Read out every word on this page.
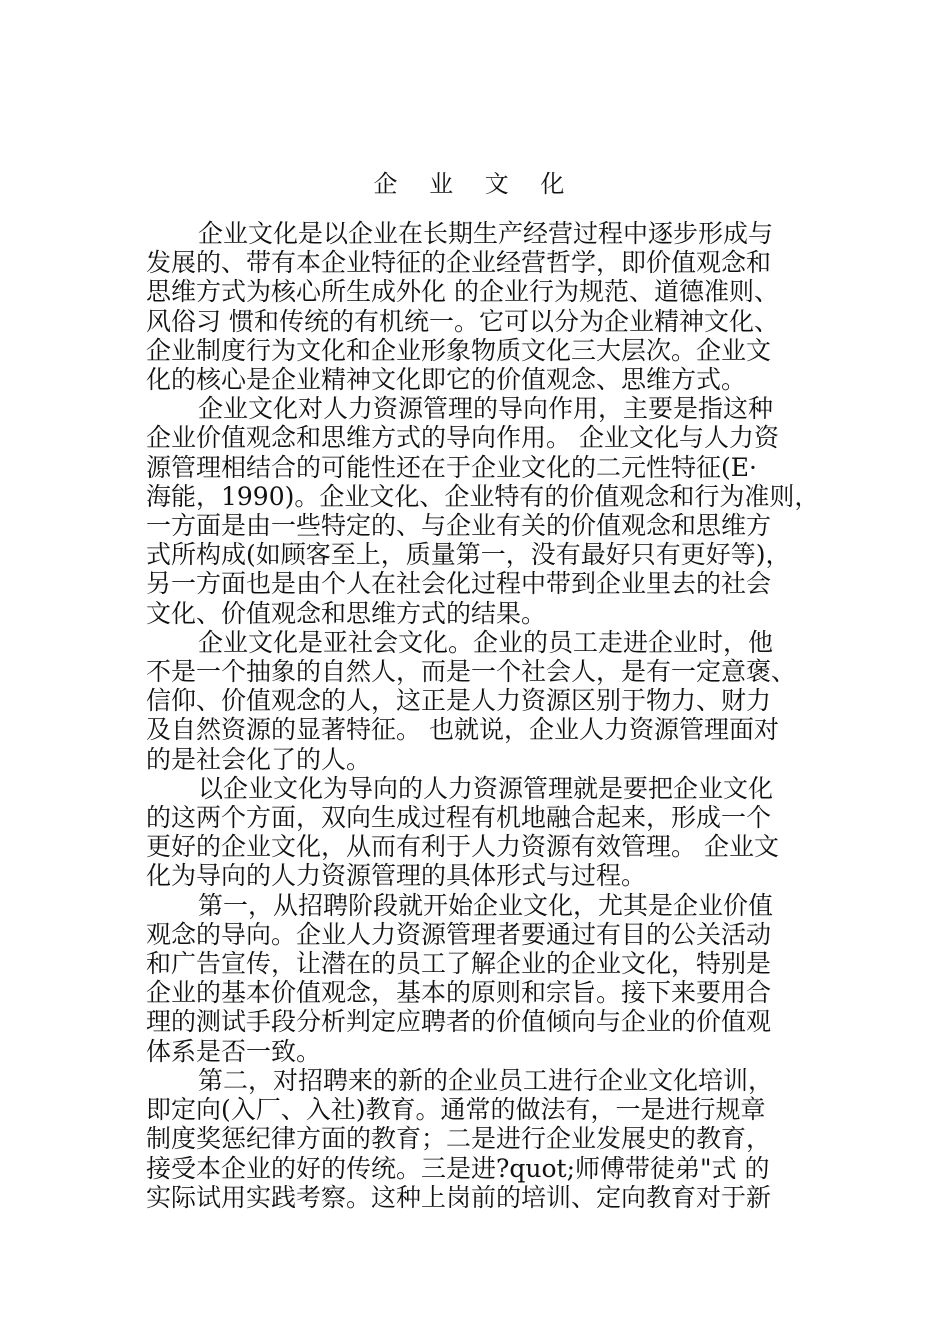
企 业 文 化

企业文化是以企业在长期生产经营过程中逐步形成与
发展的、带有本企业特征的企业经营哲学，即价值观念和
思维方式为核心所生成外化 的企业行为规范、道德准则、
风俗习 惯和传统的有机统一。它可以分为企业精神文化、
企业制度行为文化和企业形象物质文化三大层次。企业文
化的核心是企业精神文化即它的价值观念、思维方式。

企业文化对人力资源管理的导向作用，主要是指这种
企业价值观念和思维方式的导向作用。 企业文化与人力资
源管理相结合的可能性还在于企业文化的二元性特征(E·
海能，1990)。企业文化、企业特有的价值观念和行为准则，
一方面是由一些特定的、与企业有关的价值观念和思维方
式所构成(如顾客至上，质量第一，没有最好只有更好等)，
另一方面也是由个人在社会化过程中带到企业里去的社会
文化、价值观念和思维方式的结果。

企业文化是亚社会文化。企业的员工走进企业时，他
不是一个抽象的自然人，而是一个社会人，是有一定意褒、
信仰、价值观念的人，这正是人力资源区别于物力、财力
及自然资源的显著特征。 也就说，企业人力资源管理面对
的是社会化了的人。

以企业文化为导向的人力资源管理就是要把企业文化
的这两个方面，双向生成过程有机地融合起来，形成一个
更好的企业文化，从而有利于人力资源有效管理。 企业文
化为导向的人力资源管理的具体形式与过程。

第一，从招聘阶段就开始企业文化，尤其是企业价值
观念的导向。企业人力资源管理者要通过有目的公关活动
和广告宣传，让潜在的员工了解企业的企业文化，特别是
企业的基本价值观念，基本的原则和宗旨。接下来要用合
理的测试手段分析判定应聘者的价值倾向与企业的价值观
体系是否一致。

第二，对招聘来的新的企业员工进行企业文化培训，
即定向(入厂、入社)教育。通常的做法有，一是进行规章
制度奖惩纪律方面的教育；二是进行企业发展史的教育，
接受本企业的好的传统。三是进?quot;师傅带徒弟"式 的
实际试用实践考察。这种上岗前的培训、定向教育对于新
